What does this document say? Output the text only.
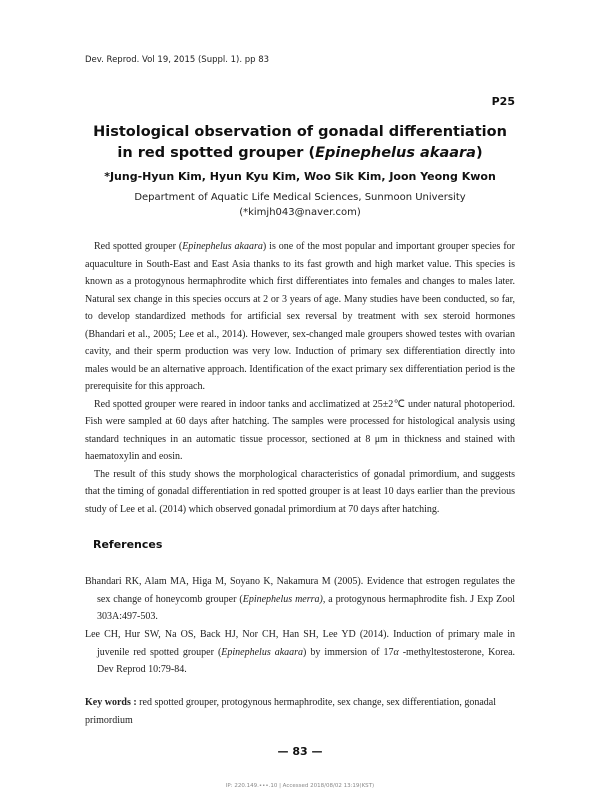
Dev. Reprod. Vol 19, 2015 (Suppl. 1). pp 83
P25
Histological observation of gonadal differentiation
in red spotted grouper (Epinephelus akaara)
*Jung-Hyun Kim, Hyun Kyu Kim, Woo Sik Kim, Joon Yeong Kwon
Department of Aquatic Life Medical Sciences, Sunmoon University
(*kimjh043@naver.com)

Red spotted grouper (Epinephelus akaara) is one of the most popular and important grouper species for aquaculture in South-East and East Asia thanks to its fast growth and high market value. This species is known as a protogynous hermaphrodite which first differentiates into females and changes to males later. Natural sex change in this species occurs at 2 or 3 years of age. Many studies have been conducted, so far, to develop standardized methods for artificial sex reversal by treatment with sex steroid hormones (Bhandari et al., 2005; Lee et al., 2014). However, sex-changed male groupers showed testes with ovarian cavity, and their sperm production was very low. Induction of primary sex differentiation directly into males would be an alternative approach. Identification of the exact primary sex differentiation period is the prerequisite for this approach.

Red spotted grouper were reared in indoor tanks and acclimatized at 25±2℃ under natural photoperiod. Fish were sampled at 60 days after hatching. The samples were processed for histological analysis using standard techniques in an automatic tissue processor, sectioned at 8 μm in thickness and stained with haematoxylin and eosin.

The result of this study shows the morphological characteristics of gonadal primordium, and suggests that the timing of gonadal differentiation in red spotted grouper is at least 10 days earlier than the previous study of Lee et al. (2014) which observed gonadal primordium at 70 days after hatching.

References
Bhandari RK, Alam MA, Higa M, Soyano K, Nakamura M (2005). Evidence that estrogen regulates the sex change of honeycomb grouper (Epinephelus merra), a protogynous hermaphrodite fish. J Exp Zool 303A:497-503.
Lee CH, Hur SW, Na OS, Back HJ, Nor CH, Han SH, Lee YD (2014). Induction of primary male in juvenile red spotted grouper (Epinephelus akaara) by immersion of 17α -methyltestosterone, Korea. Dev Reprod 10:79-84.
Key words : red spotted grouper, protogynous hermaphrodite, sex change, sex differentiation, gonadal primordium
— 83 —
IP: 220.149.•••.10 | Accessed 2018/08/02 13:19(KST)
